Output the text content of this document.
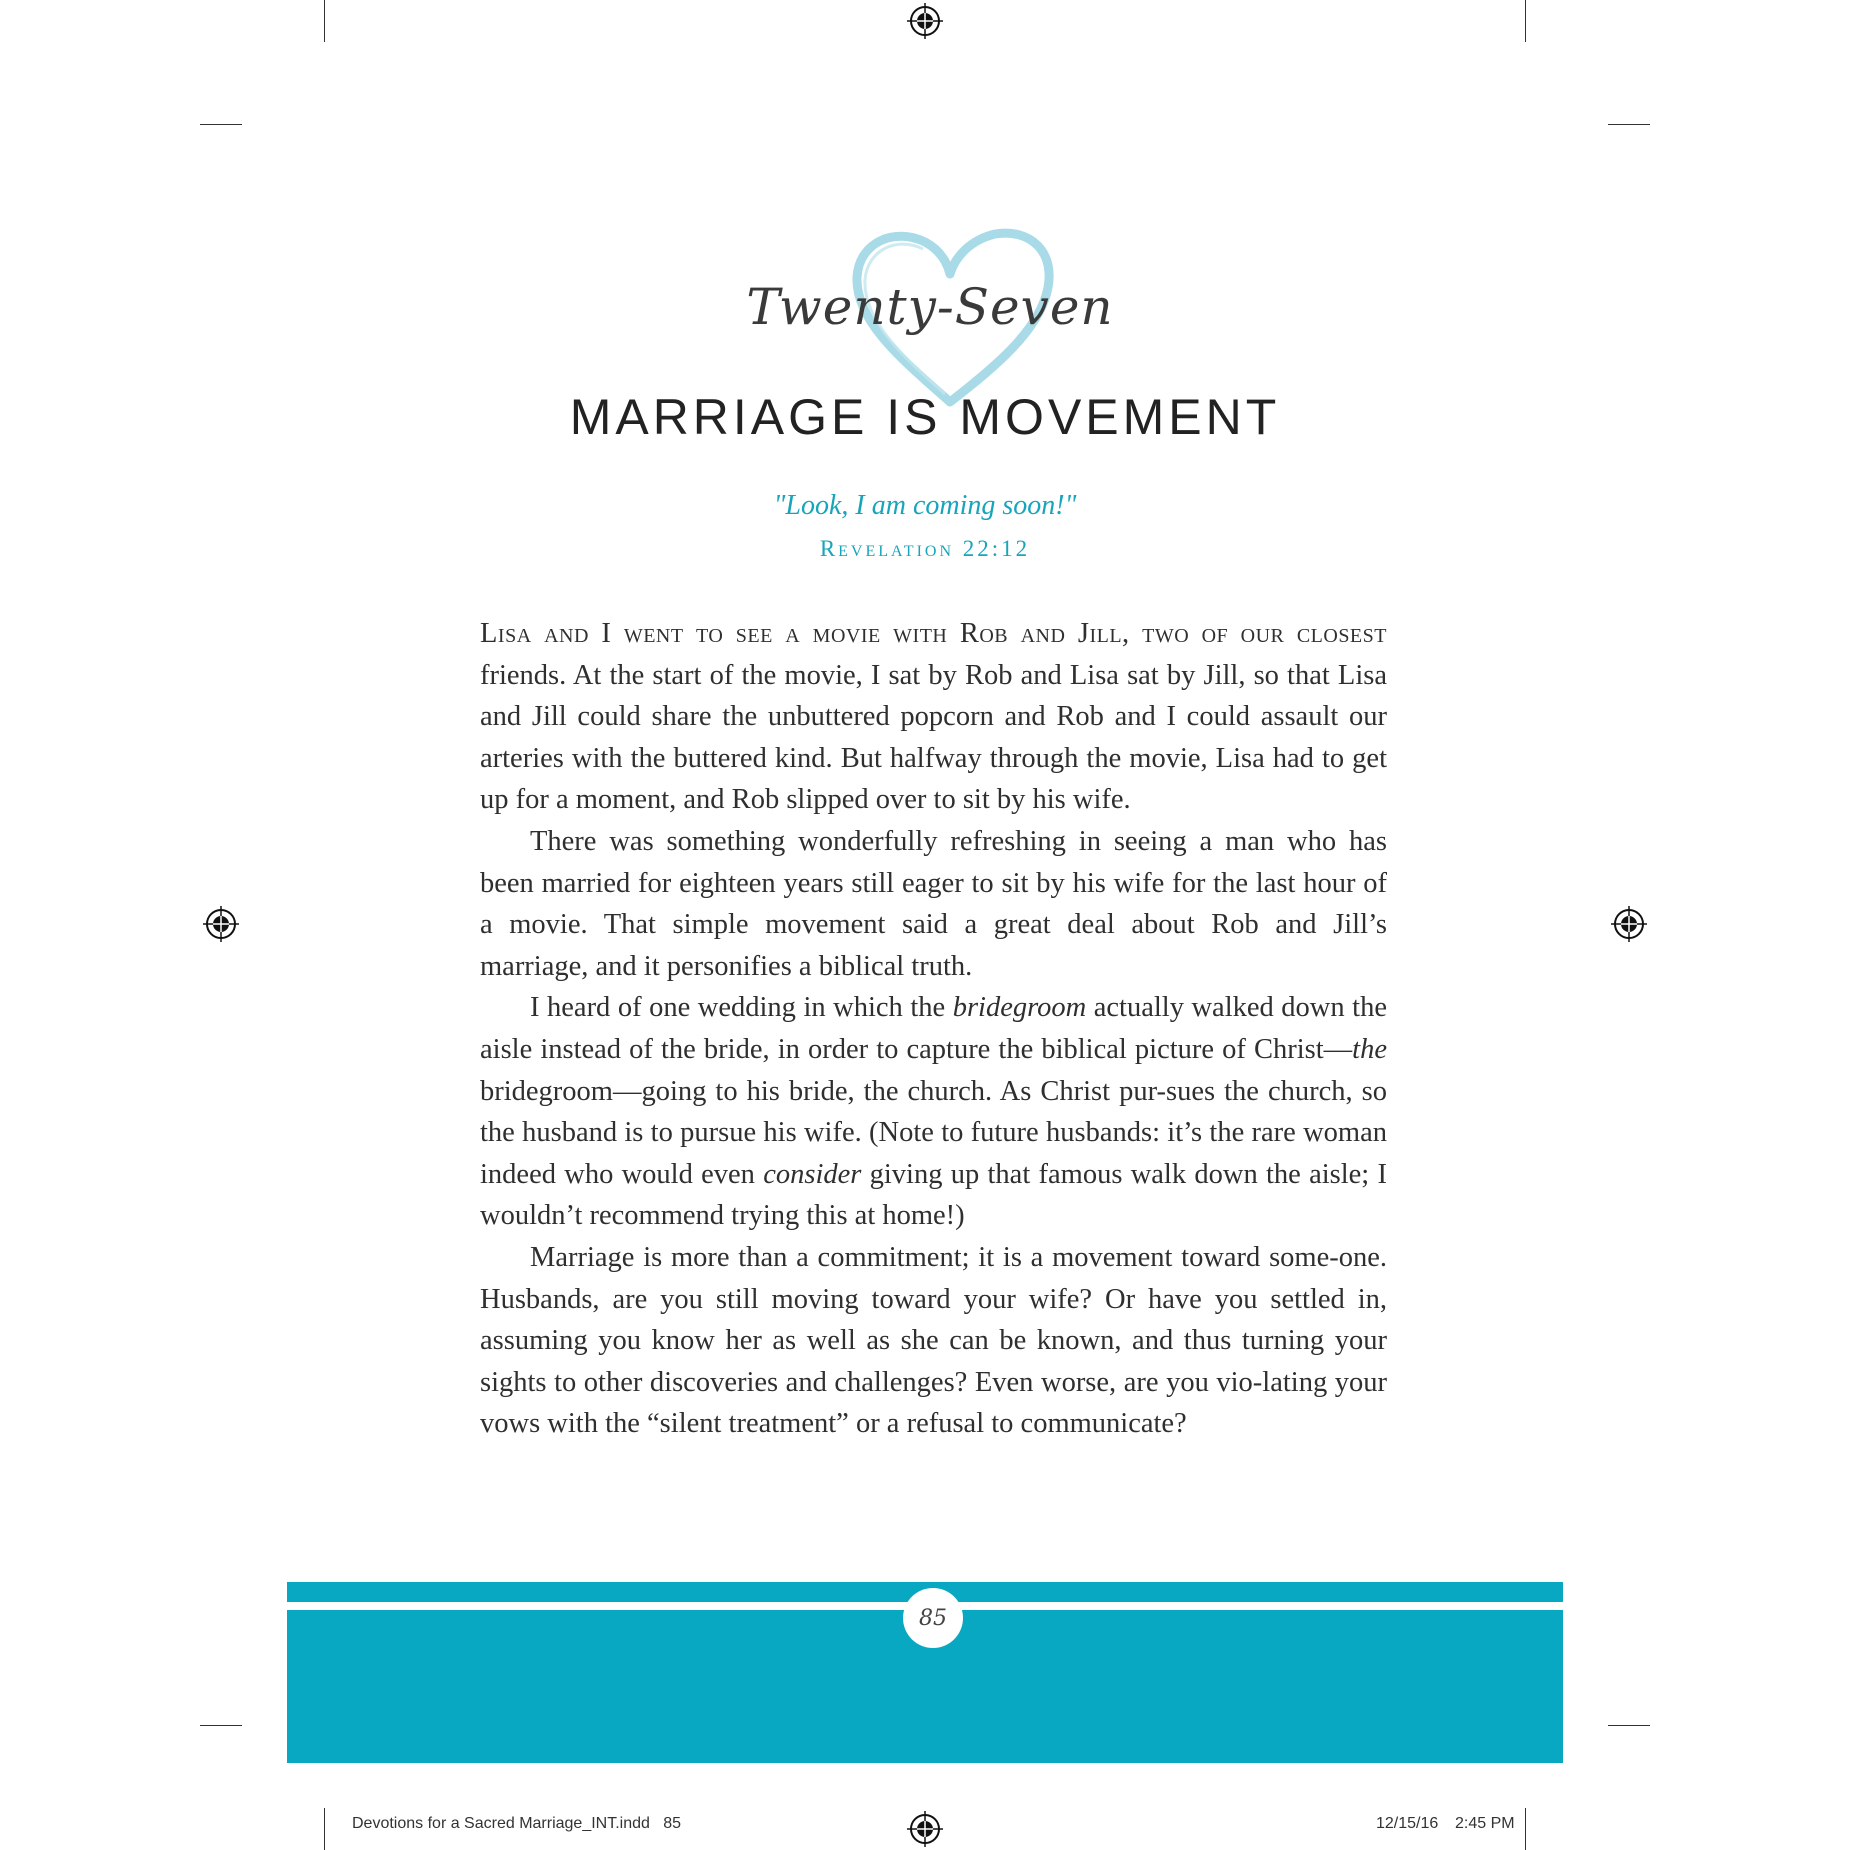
Twenty-Seven
MARRIAGE IS MOVEMENT
"Look, I am coming soon!"
Revelation 22:12

Lisa and I went to see a movie with Rob and Jill, two of our closest friends. At the start of the movie, I sat by Rob and Lisa sat by Jill, so that Lisa and Jill could share the unbuttered popcorn and Rob and I could assault our arteries with the buttered kind. But halfway through the movie, Lisa had to get up for a moment, and Rob slipped over to sit by his wife.

There was something wonderfully refreshing in seeing a man who has been married for eighteen years still eager to sit by his wife for the last hour of a movie. That simple movement said a great deal about Rob and Jill’s marriage, and it personifies a biblical truth.

I heard of one wedding in which the bridegroom actually walked down the aisle instead of the bride, in order to capture the biblical picture of Christ—the bridegroom—going to his bride, the church. As Christ pur-sues the church, so the husband is to pursue his wife. (Note to future husbands: it’s the rare woman indeed who would even consider giving up that famous walk down the aisle; I wouldn’t recommend trying this at home!)

Marriage is more than a commitment; it is a movement toward some-one. Husbands, are you still moving toward your wife? Or have you settled in, assuming you know her as well as she can be known, and thus turning your sights to other discoveries and challenges? Even worse, are you vio-lating your vows with the “silent treatment” or a refusal to communicate?

85
Devotions for a Sacred Marriage_INT.indd   85	12/15/16 2:45 PM
